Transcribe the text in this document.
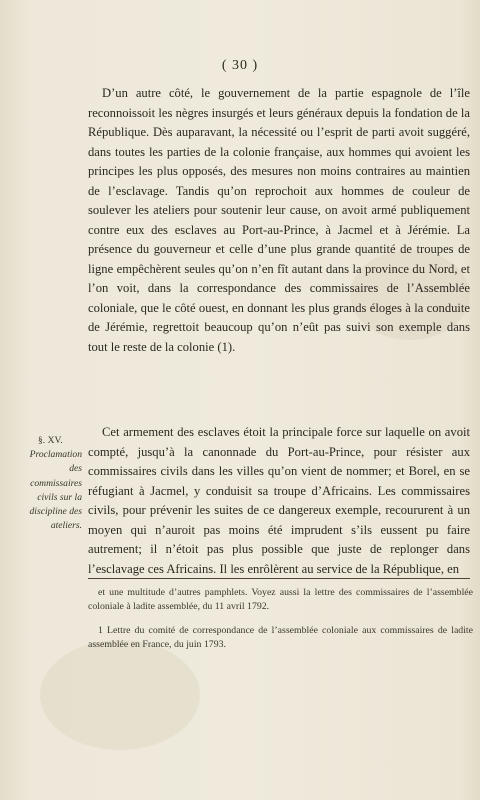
( 30 )

D’un autre côté, le gouvernement de la partie espagnole de l’île reconnoissoit les nègres insurgés et leurs généraux depuis la fondation de la République. Dès auparavant, la nécessité ou l’esprit de parti avoit suggéré, dans toutes les parties de la colonie française, aux hommes qui avoient les principes les plus opposés, des mesures non moins contraires au maintien de l’esclavage. Tandis qu’on reprochoit aux hommes de couleur de soulever les ateliers pour soutenir leur cause, on avoit armé publiquement contre eux des esclaves au Port-au-Prince, à Jacmel et à Jérémie. La présence du gouverneur et celle d’une plus grande quantité de troupes de ligne empêchèrent seules qu’on n’en fît autant dans la province du Nord, et l’on voit, dans la correspondance des commissaires de l’Assemblée coloniale, que le côté ouest, en donnant les plus grands éloges à la conduite de Jérémie, regrettoit beaucoup qu’on n’eût pas suivi son exemple dans tout le reste de la colonie (1).

§. XV.
Proclamation des commissaires civils sur la discipline des ateliers.

Cet armement des esclaves étoit la principale force sur laquelle on avoit compté, jusqu’à la canonnade du Port-au-Prince, pour résister aux commissaires civils dans les villes qu’on vient de nommer; et Borel, en se réfugiant à Jacmel, y conduisit sa troupe d’Africains. Les commissaires civils, pour prévenir les suites de ce dangereux exemple, recoururent à un moyen qui n’auroit pas moins été imprudent s’ils eussent pu faire autrement; il n’étoit pas plus possible que juste de replonger dans l’esclavage ces Africains. Il les enrôlèrent au service de la République, en

et une multitude d’autres pamphlets. Voyez aussi la lettre des commissaires de l’assemblée coloniale à ladite assemblée, du 11 avril 1792.

1 Lettre du comité de correspondance de l’assemblée coloniale aux commissaires de ladite assemblée en France, du juin 1793.
